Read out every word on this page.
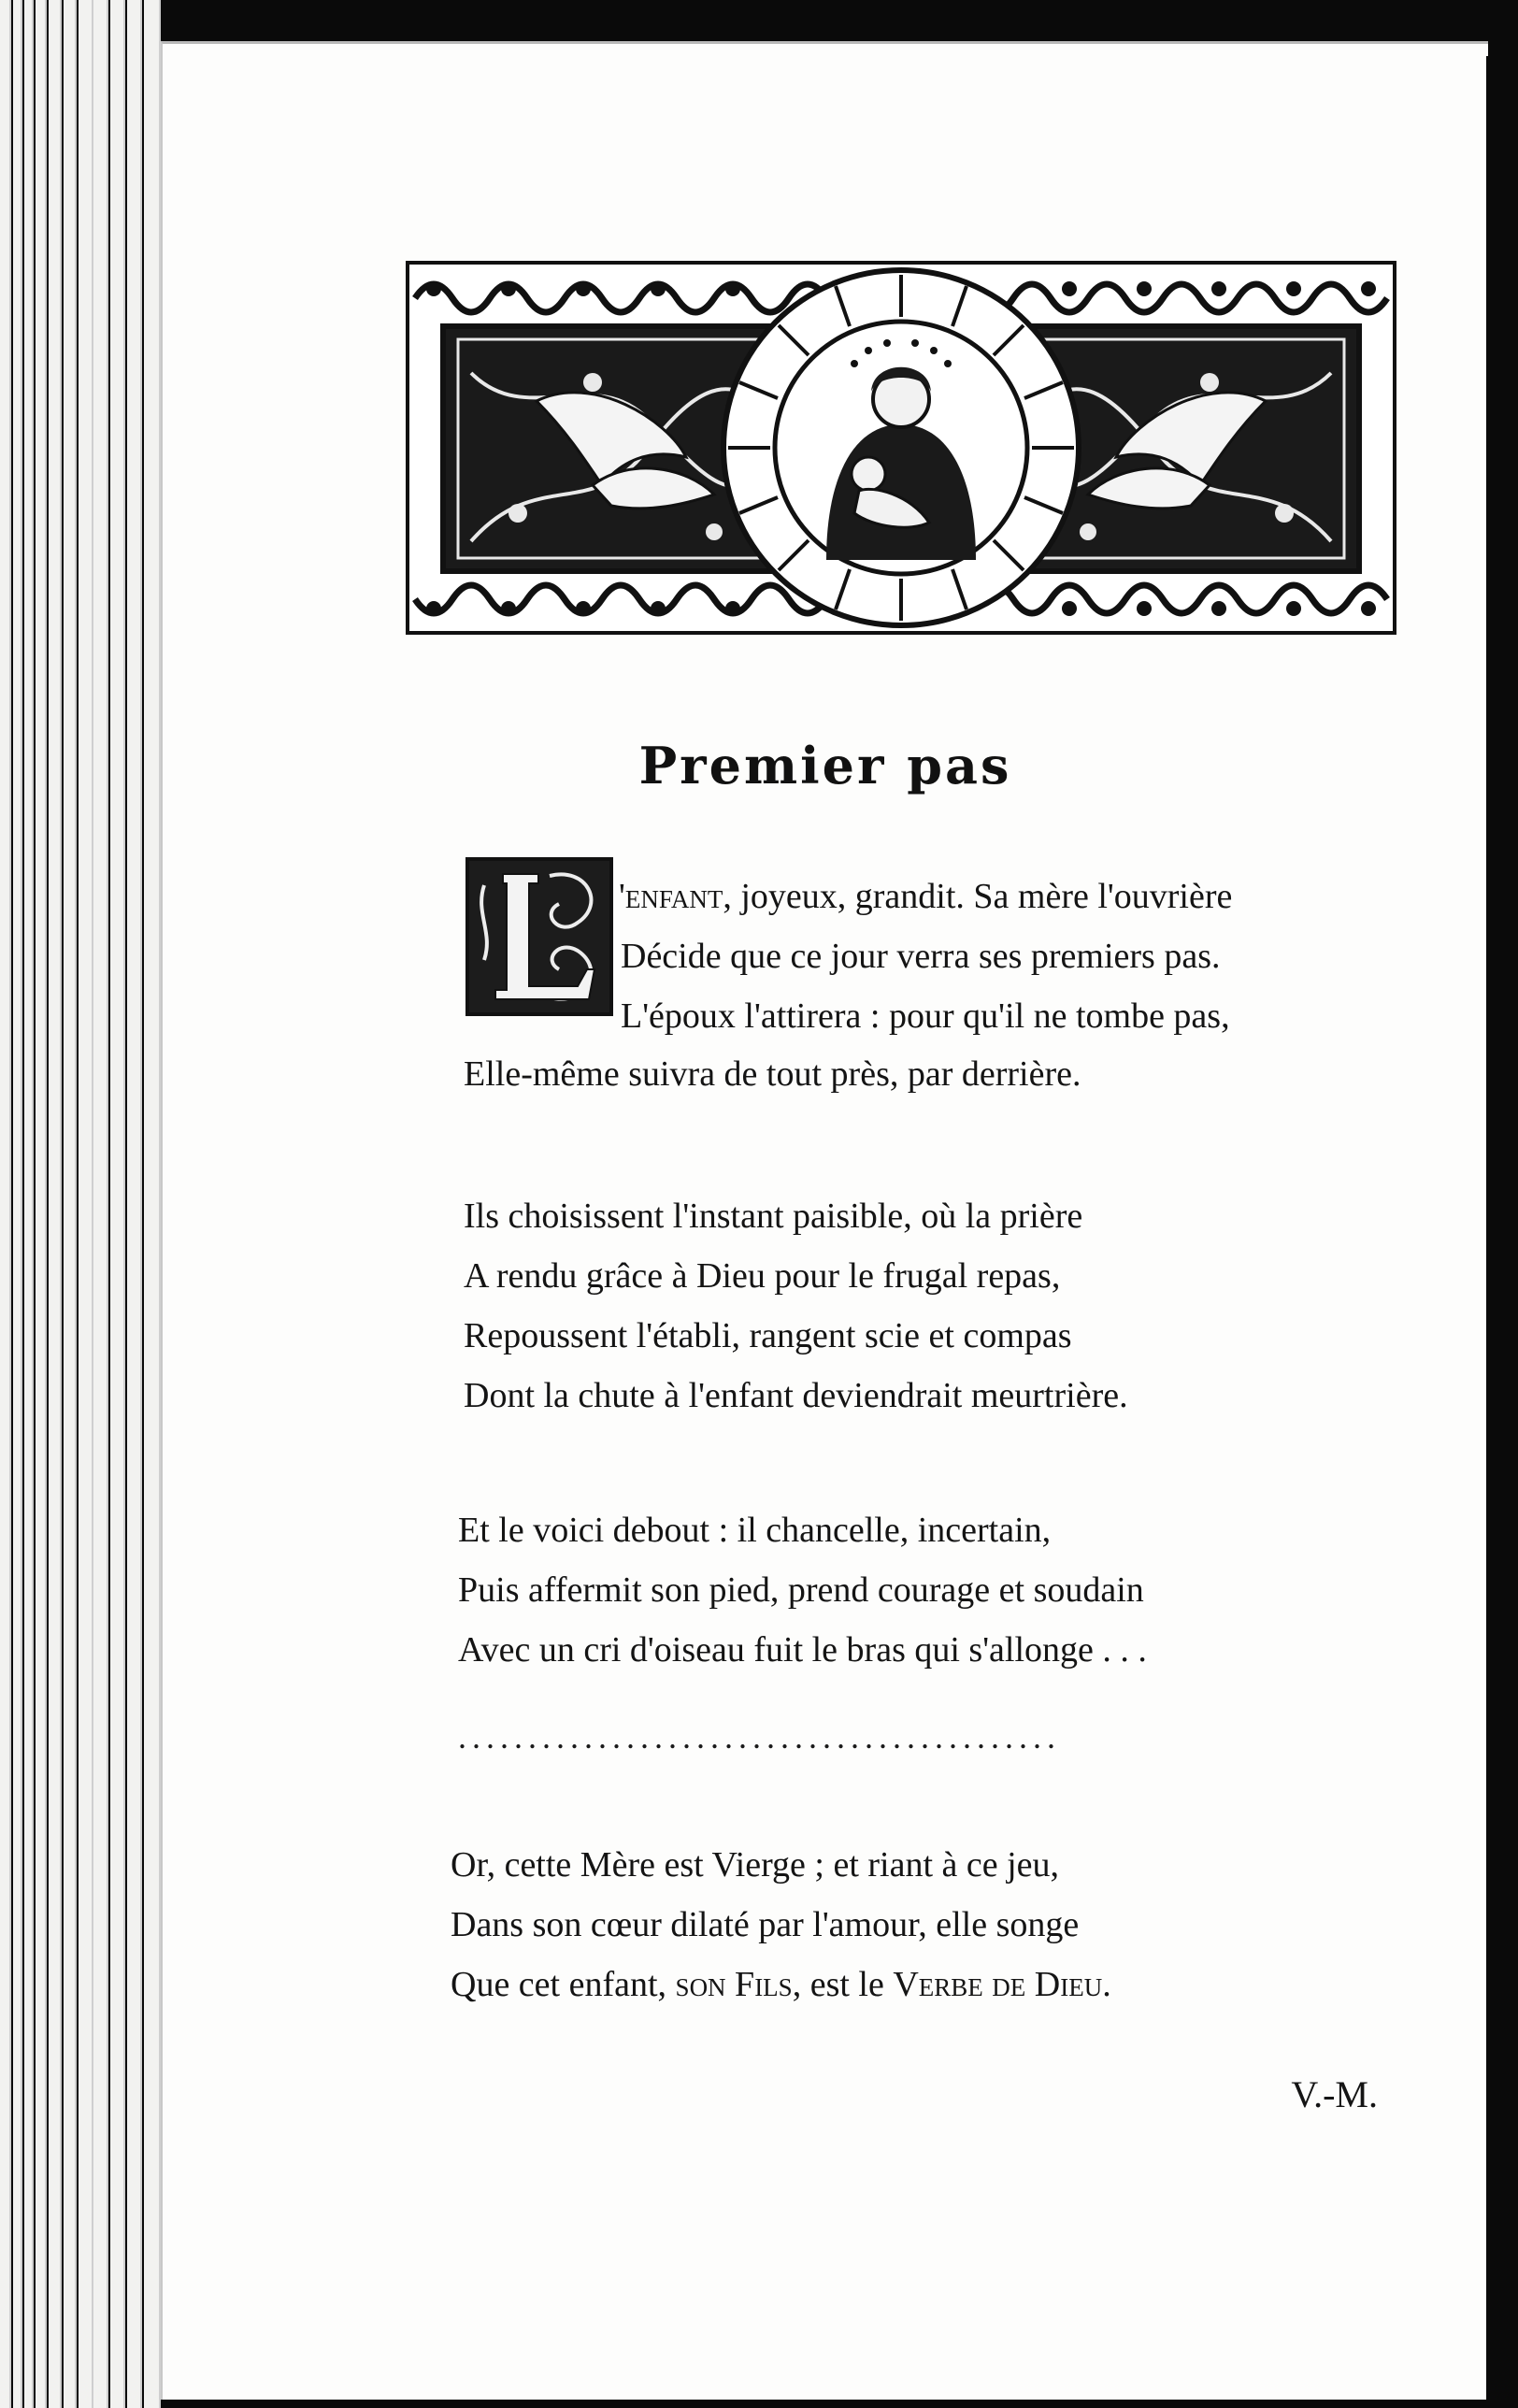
Premier pas
L
'enfant, joyeux, grandit. Sa mère l'ouvrière
Décide que ce jour verra ses premiers pas.
L'époux l'attirera : pour qu'il ne tombe pas,
Elle-même suivra de tout près, par derrière.
Ils choisissent l'instant paisible, où la prière
A rendu grâce à Dieu pour le frugal repas,
Repoussent l'établi, rangent scie et compas
Dont la chute à l'enfant deviendrait meurtrière.
Et le voici debout : il chancelle, incertain,
Puis affermit son pied, prend courage et soudain
Avec un cri d'oiseau fuit le bras qui s'allonge . . .
...........................................
Or, cette Mère est Vierge ; et riant à ce jeu,
Dans son cœur dilaté par l'amour, elle songe
Que cet enfant, son Fils, est le Verbe de Dieu.
V.-M.
